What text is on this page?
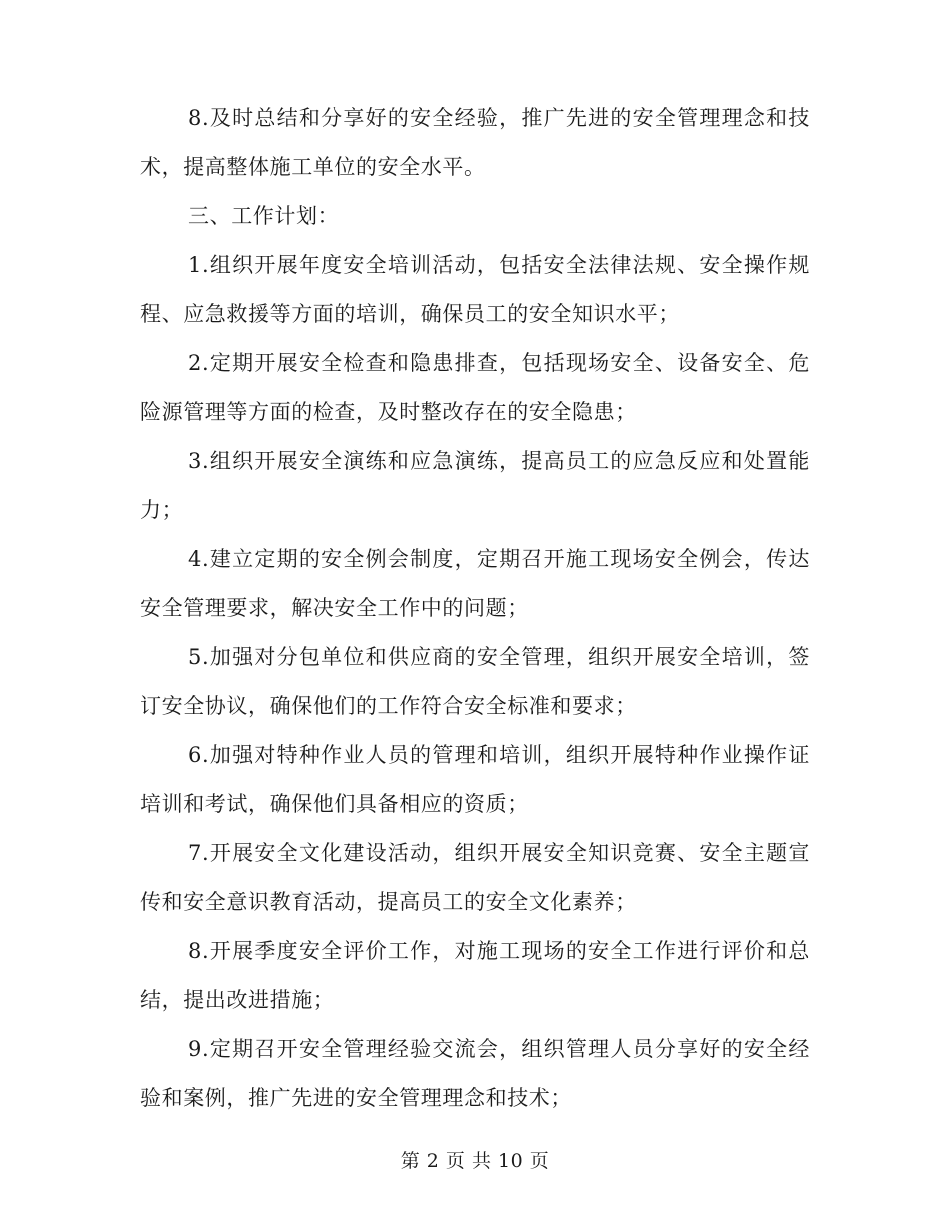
8.及时总结和分享好的安全经验，推广先进的安全管理理念和技术，提高整体施工单位的安全水平。

三、工作计划：

1.组织开展年度安全培训活动，包括安全法律法规、安全操作规程、应急救援等方面的培训，确保员工的安全知识水平；

2.定期开展安全检查和隐患排查，包括现场安全、设备安全、危险源管理等方面的检查，及时整改存在的安全隐患；

3.组织开展安全演练和应急演练，提高员工的应急反应和处置能力；

4.建立定期的安全例会制度，定期召开施工现场安全例会，传达安全管理要求，解决安全工作中的问题；

5.加强对分包单位和供应商的安全管理，组织开展安全培训，签订安全协议，确保他们的工作符合安全标准和要求；

6.加强对特种作业人员的管理和培训，组织开展特种作业操作证培训和考试，确保他们具备相应的资质；

7.开展安全文化建设活动，组织开展安全知识竞赛、安全主题宣传和安全意识教育活动，提高员工的安全文化素养；

8.开展季度安全评价工作，对施工现场的安全工作进行评价和总结，提出改进措施；

9.定期召开安全管理经验交流会，组织管理人员分享好的安全经验和案例，推广先进的安全管理理念和技术；

第 2 页 共 10 页
